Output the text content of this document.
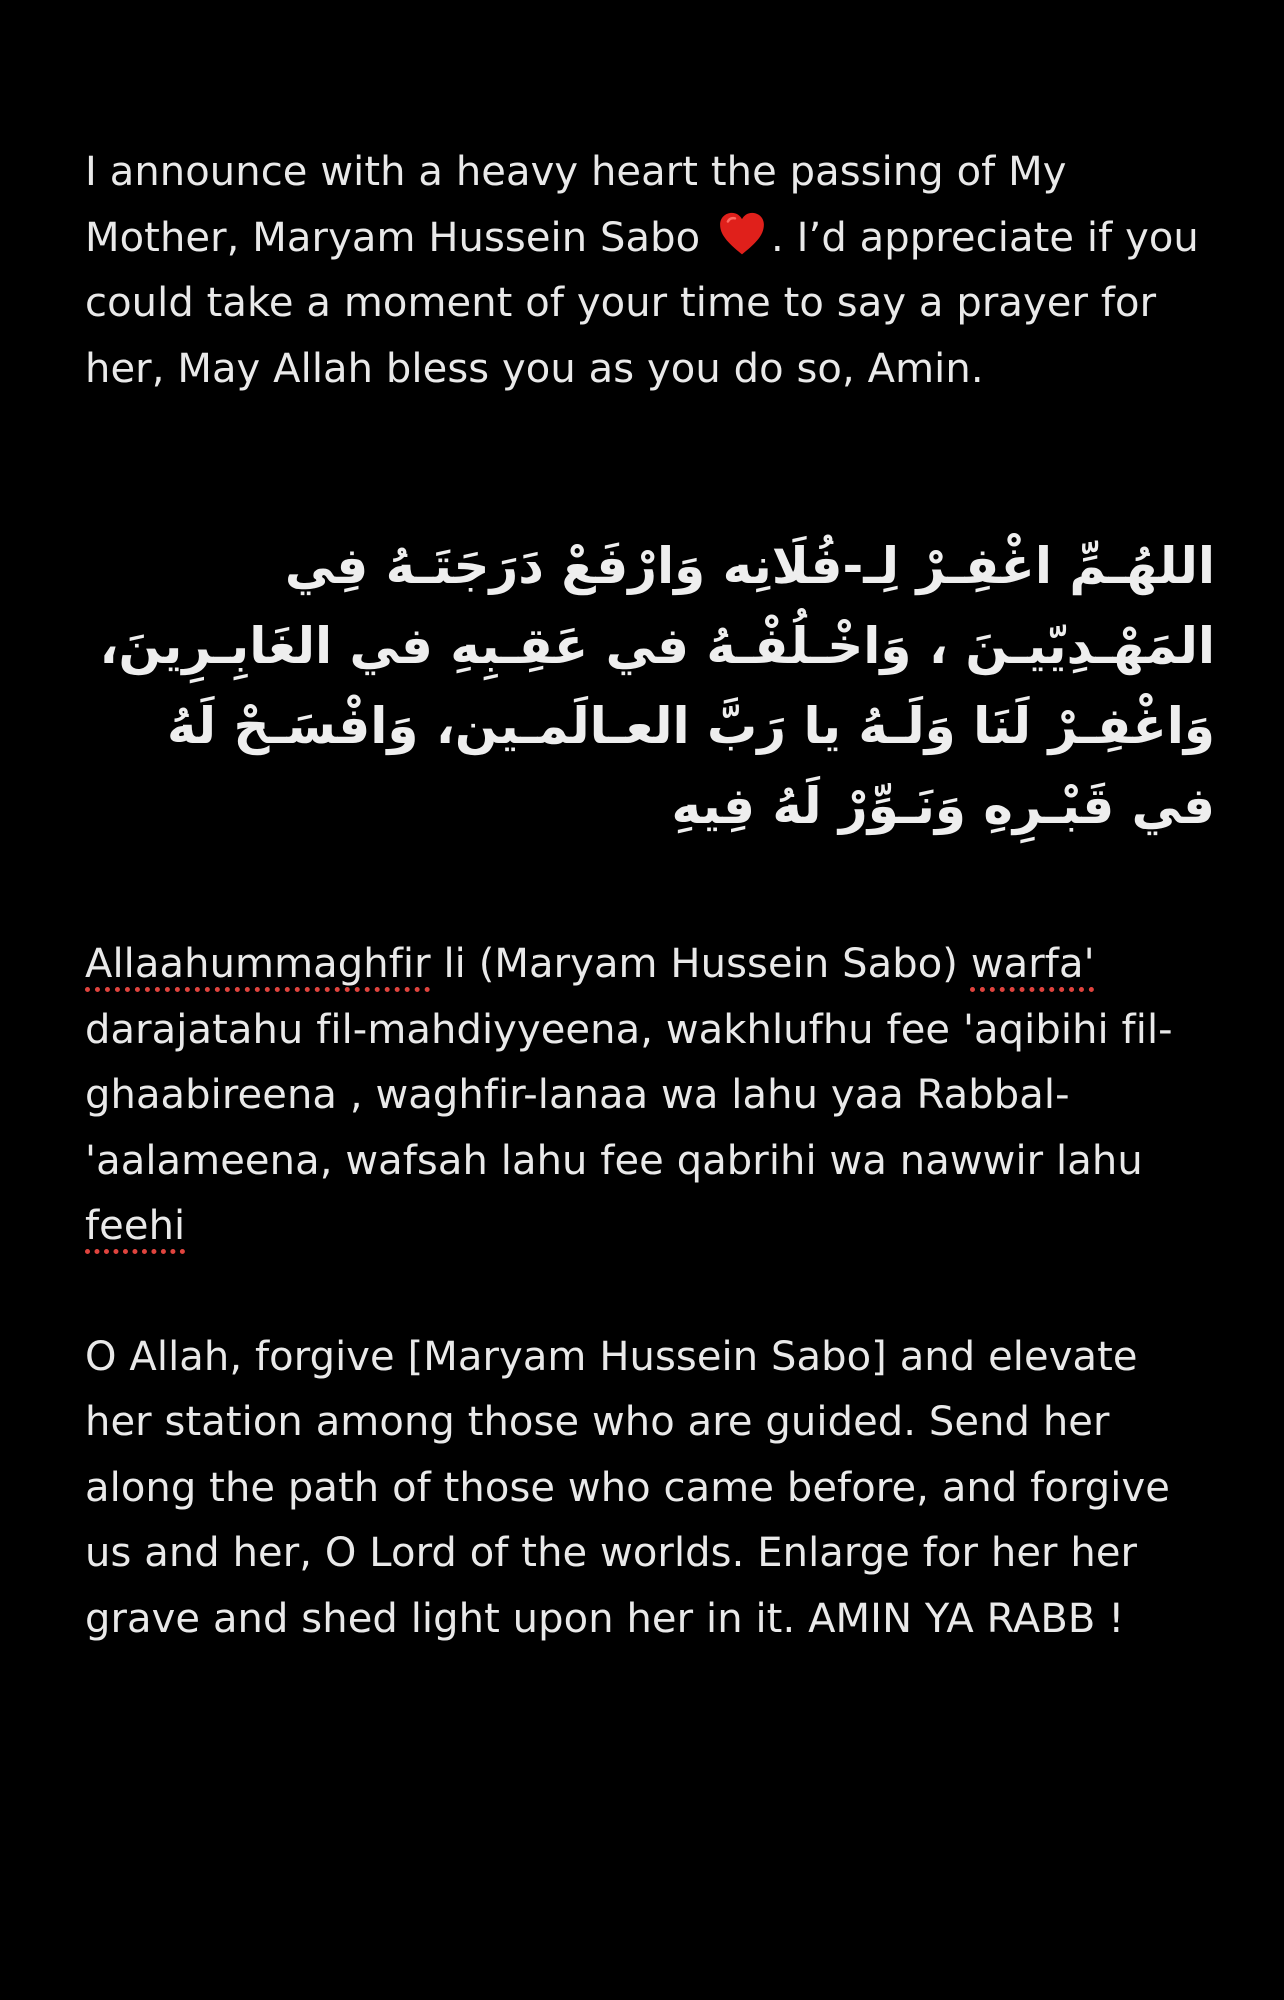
I announce with a heavy heart the passing of My Mother, Maryam Hussein Sabo . I’d appreciate if you could take a moment of your time to say a prayer for her, May Allah bless you as you do so, Amin.

اللهُـمِّ اغْفِـرْ لِـ-فُلَانِه وَارْفَعْ دَرَجَتَـهُ فِي المَهْـدِيّيـنَ ، وَاخْـلُفْـهُ في عَقِـبِهِ في الغَابِـرِينَ، وَاغْفِـرْ لَنَا وَلَـهُ يا رَبَّ العـالَمـين، وَافْسَـحْ لَهُ في قَبْـرِهِ وَنَـوِّرْ لَهُ فِيهِ

Allaahummaghfir li (Maryam Hussein Sabo) warfa' darajatahu fil-mahdiyyeena, wakhlufhu fee 'aqibihi fil-ghaabireena , waghfir-lanaa wa lahu yaa Rabbal-'aalameena, wafsah lahu fee qabrihi wa nawwir lahu feehi

O Allah, forgive [Maryam Hussein Sabo] and elevate her station among those who are guided. Send her along the path of those who came before, and forgive us and her, O Lord of the worlds. Enlarge for her her grave and shed light upon her in it. AMIN YA RABB !
